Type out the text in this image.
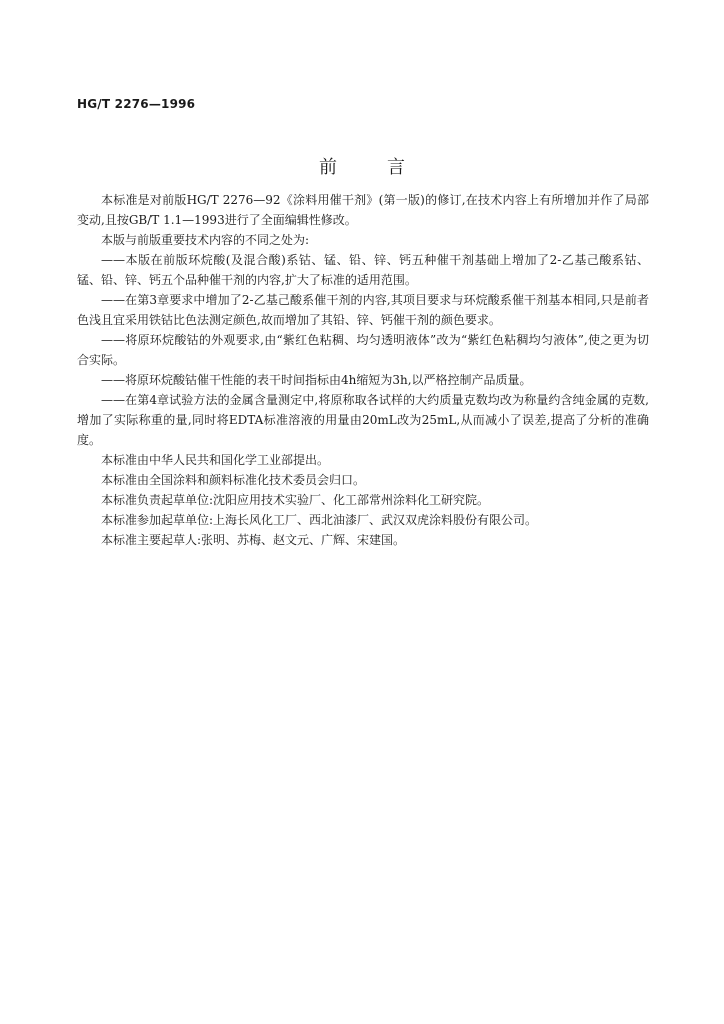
HG/T 2276—1996
前言

本标准是对前版HG/T 2276—92《涂料用催干剂》(第一版)的修订,在技术内容上有所增加并作了局部变动,且按GB/T 1.1—1993进行了全面编辑性修改。

本版与前版重要技术内容的不同之处为:

——本版在前版环烷酸(及混合酸)系钴、锰、铅、锌、钙五种催干剂基础上增加了2-乙基己酸系钴、锰、铅、锌、钙五个品种催干剂的内容,扩大了标准的适用范围。

——在第3章要求中增加了2-乙基己酸系催干剂的内容,其项目要求与环烷酸系催干剂基本相同,只是前者色浅且宜采用铁钴比色法测定颜色,故而增加了其铅、锌、钙催干剂的颜色要求。

——将原环烷酸钴的外观要求,由“紫红色粘稠、均匀透明液体”改为“紫红色粘稠均匀液体”,使之更为切合实际。

——将原环烷酸钴催干性能的表干时间指标由4h缩短为3h,以严格控制产品质量。

——在第4章试验方法的金属含量测定中,将原称取各试样的大约质量克数均改为称量约含纯金属的克数,增加了实际称重的量,同时将EDTA标准溶液的用量由20mL改为25mL,从而减小了误差,提高了分析的准确度。

本标准由中华人民共和国化学工业部提出。

本标准由全国涂料和颜料标准化技术委员会归口。

本标准负责起草单位:沈阳应用技术实验厂、化工部常州涂料化工研究院。

本标准参加起草单位:上海长风化工厂、西北油漆厂、武汉双虎涂料股份有限公司。

本标准主要起草人:张明、苏梅、赵文元、广辉、宋建国。
